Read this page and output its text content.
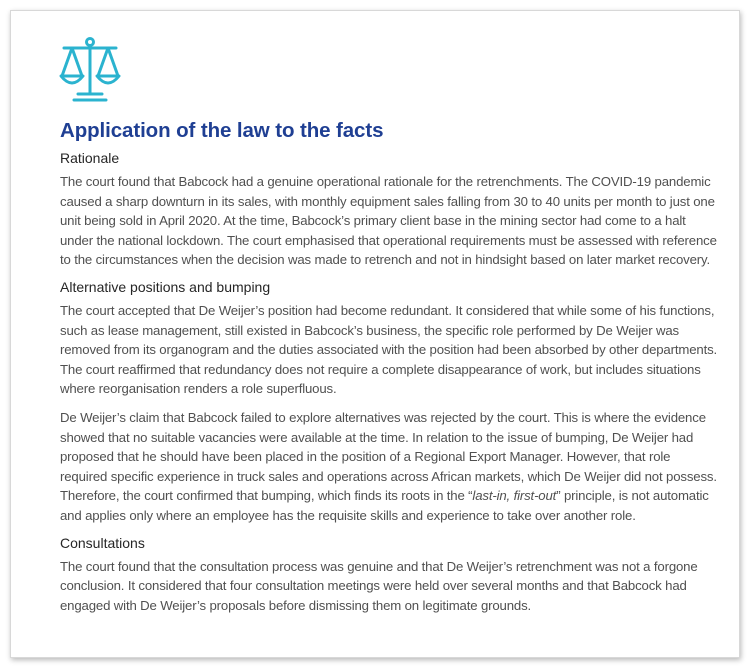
Application of the law to the facts
Rationale

The court found that Babcock had a genuine operational rationale for the retrenchments. The COVID-19 pandemic caused a sharp downturn in its sales, with monthly equipment sales falling from 30 to 40 units per month to just one unit being sold in April 2020. At the time, Babcock’s primary client base in the mining sector had come to a halt under the national lockdown. The court emphasised that operational requirements must be assessed with reference to the circumstances when the decision was made to retrench and not in hindsight based on later market recovery.

Alternative positions and bumping

The court accepted that De Weijer’s position had become redundant. It considered that while some of his functions, such as lease management, still existed in Babcock’s business, the specific role performed by De Weijer was removed from its organogram and the duties associated with the position had been absorbed by other departments. The court reaffirmed that redundancy does not require a complete disappearance of work, but includes situations where reorganisation renders a role superfluous.

De Weijer’s claim that Babcock failed to explore alternatives was rejected by the court. This is where the evidence showed that no suitable vacancies were available at the time. In relation to the issue of bumping, De Weijer had proposed that he should have been placed in the position of a Regional Export Manager. However, that role required specific experience in truck sales and operations across African markets, which De Weijer did not possess. Therefore, the court confirmed that bumping, which finds its roots in the “last-in, first-out” principle, is not automatic and applies only where an employee has the requisite skills and experience to take over another role.

Consultations

The court found that the consultation process was genuine and that De Weijer’s retrenchment was not a forgone conclusion. It considered that four consultation meetings were held over several months and that Babcock had engaged with De Weijer’s proposals before dismissing them on legitimate grounds.
